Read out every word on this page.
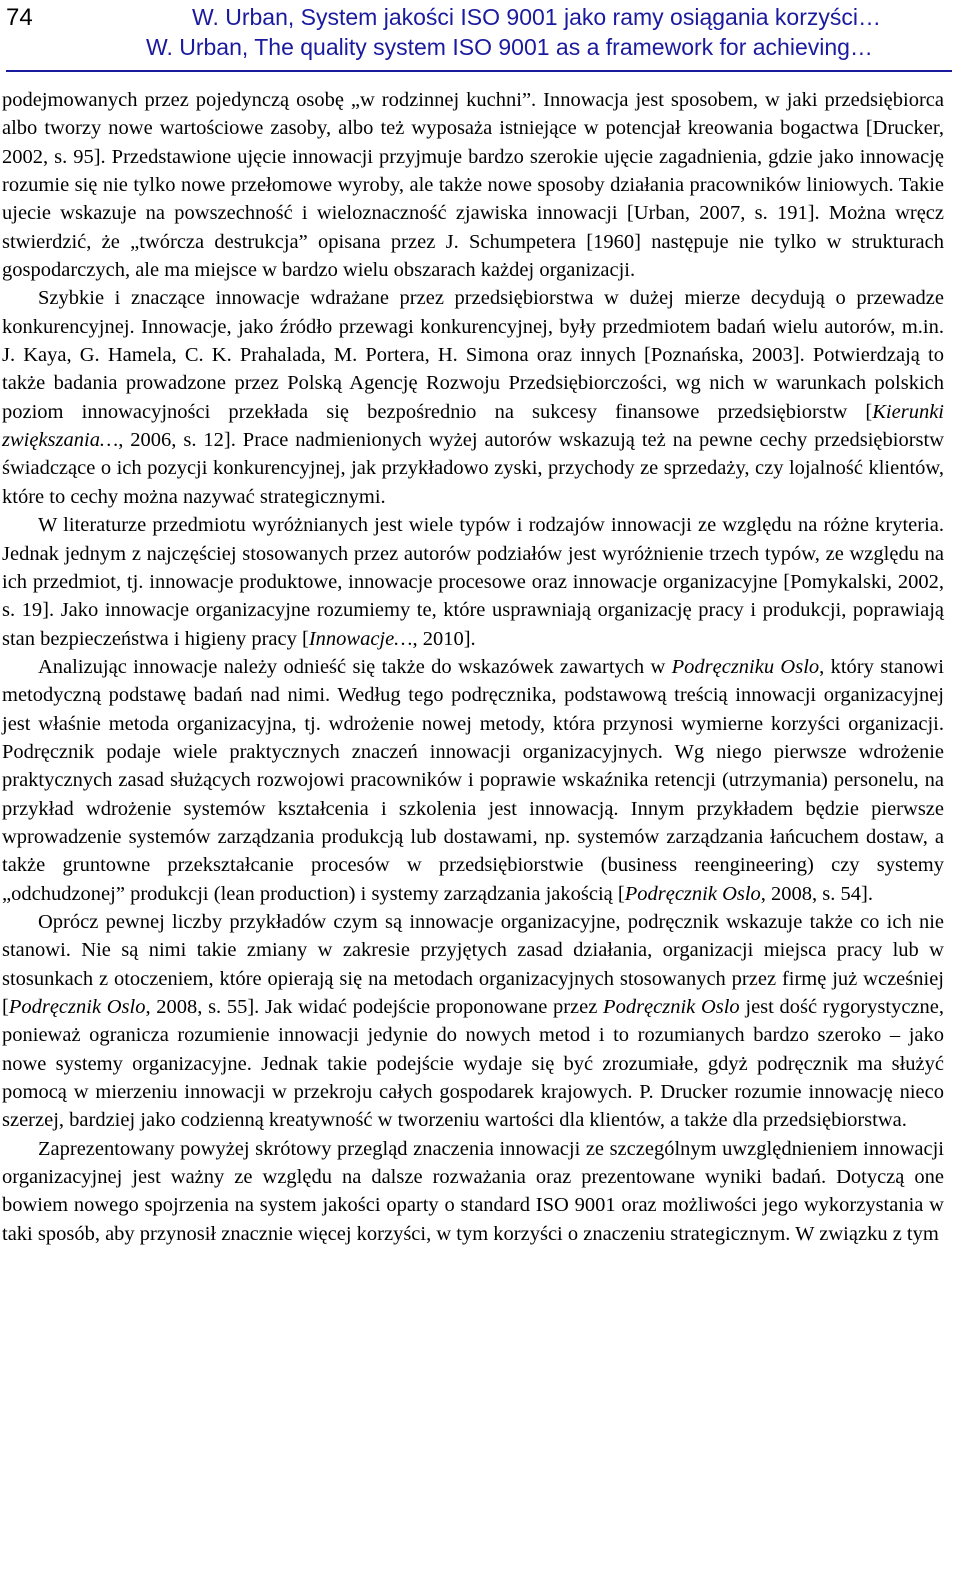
74	W. Urban, System jakości ISO 9001 jako ramy osiągania korzyści…
W. Urban, The quality system ISO 9001 as a framework for achieving…

podejmowanych przez pojedynczą osobę „w rodzinnej kuchni”. Innowacja jest sposobem, w jaki przedsiębiorca albo tworzy nowe wartościowe zasoby, albo też wyposaża istniejące w potencjał kreowania bogactwa [Drucker, 2002, s. 95]. Przedstawione ujęcie innowacji przyjmuje bardzo szerokie ujęcie zagadnienia, gdzie jako innowację rozumie się nie tylko nowe przełomowe wyroby, ale także nowe sposoby działania pracowników liniowych. Takie ujecie wskazuje na powszechność i wieloznaczność zjawiska innowacji [Urban, 2007, s. 191]. Można wręcz stwierdzić, że „twórcza destrukcja” opisana przez J. Schumpetera [1960] następuje nie tylko w strukturach gospodarczych, ale ma miejsce w bardzo wielu obszarach każdej organizacji.

Szybkie i znaczące innowacje wdrażane przez przedsiębiorstwa w dużej mierze decydują o przewadze konkurencyjnej. Innowacje, jako źródło przewagi konkurencyjnej, były przedmiotem badań wielu autorów, m.in. J. Kaya, G. Hamela, C. K. Prahalada, M. Portera, H. Simona oraz innych [Poznańska, 2003]. Potwierdzają to także badania prowadzone przez Polską Agencję Rozwoju Przedsiębiorczości, wg nich w warunkach polskich poziom innowacyjności przekłada się bezpośrednio na sukcesy finansowe przedsiębiorstw [Kierunki zwiększania…, 2006, s. 12]. Prace nadmienionych wyżej autorów wskazują też na pewne cechy przedsiębiorstw świadczące o ich pozycji konkurencyjnej, jak przykładowo zyski, przychody ze sprzedaży, czy lojalność klientów, które to cechy można nazywać strategicznymi.

W literaturze przedmiotu wyróżnianych jest wiele typów i rodzajów innowacji ze względu na różne kryteria. Jednak jednym z najczęściej stosowanych przez autorów podziałów jest wyróżnienie trzech typów, ze względu na ich przedmiot, tj. innowacje produktowe, innowacje procesowe oraz innowacje organizacyjne [Pomykalski, 2002, s. 19]. Jako innowacje organizacyjne rozumiemy te, które usprawniają organizację pracy i produkcji, poprawiają stan bezpieczeństwa i higieny pracy [Innowacje…, 2010].

Analizując innowacje należy odnieść się także do wskazówek zawartych w Podręczniku Oslo, który stanowi metodyczną podstawę badań nad nimi. Według tego podręcznika, podstawową treścią innowacji organizacyjnej jest właśnie metoda organizacyjna, tj. wdrożenie nowej metody, która przynosi wymierne korzyści organizacji. Podręcznik podaje wiele praktycznych znaczeń innowacji organizacyjnych. Wg niego pierwsze wdrożenie praktycznych zasad służących rozwojowi pracowników i poprawie wskaźnika retencji (utrzymania) personelu, na przykład wdrożenie systemów kształcenia i szkolenia jest innowacją. Innym przykładem będzie pierwsze wprowadzenie systemów zarządzania produkcją lub dostawami, np. systemów zarządzania łańcuchem dostaw, a także gruntowne przekształcanie procesów w przedsiębiorstwie (business reengineering) czy systemy „odchudzonej” produkcji (lean production) i systemy zarządzania jakością [Podręcznik Oslo, 2008, s. 54].

Oprócz pewnej liczby przykładów czym są innowacje organizacyjne, podręcznik wskazuje także co ich nie stanowi. Nie są nimi takie zmiany w zakresie przyjętych zasad działania, organizacji miejsca pracy lub w stosunkach z otoczeniem, które opierają się na metodach organizacyjnych stosowanych przez firmę już wcześniej [Podręcznik Oslo, 2008, s. 55]. Jak widać podejście proponowane przez Podręcznik Oslo jest dość rygorystyczne, ponieważ ogranicza rozumienie innowacji jedynie do nowych metod i to rozumianych bardzo szeroko – jako nowe systemy organizacyjne. Jednak takie podejście wydaje się być zrozumiałe, gdyż podręcznik ma służyć pomocą w mierzeniu innowacji w przekroju całych gospodarek krajowych. P. Drucker rozumie innowację nieco szerzej, bardziej jako codzienną kreatywność w tworzeniu wartości dla klientów, a także dla przedsiębiorstwa.

Zaprezentowany powyżej skrótowy przegląd znaczenia innowacji ze szczególnym uwzględnieniem innowacji organizacyjnej jest ważny ze względu na dalsze rozważania oraz prezentowane wyniki badań. Dotyczą one bowiem nowego spojrzenia na system jakości oparty o standard ISO 9001 oraz możliwości jego wykorzystania w taki sposób, aby przynosił znacznie więcej korzyści, w tym korzyści o znaczeniu strategicznym. W związku z tym
